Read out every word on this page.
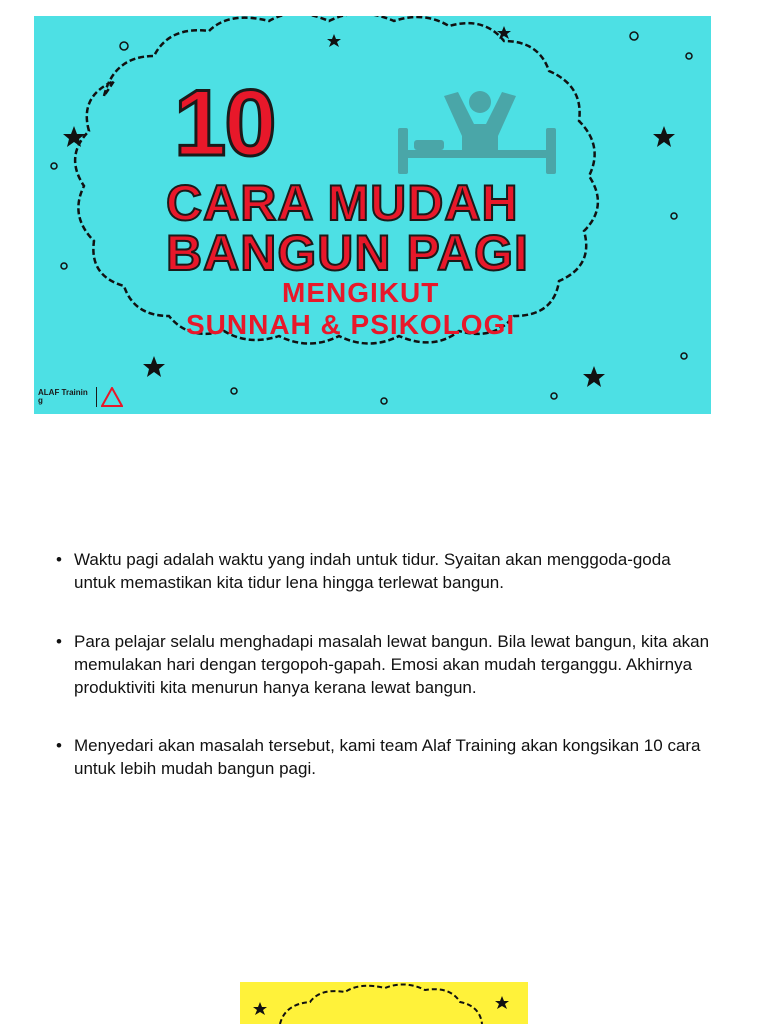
10
CARA MUDAH
BANGUN PAGI
MENGIKUT
SUNNAH & PSIKOLOGI
ALAF Training
• Waktu pagi adalah waktu yang indah untuk tidur. Syaitan akan menggoda-goda untuk memastikan kita tidur lena hingga terlewat bangun.
• Para pelajar selalu menghadapi masalah lewat bangun. Bila lewat bangun, kita akan memulakan hari dengan tergopoh-gapah. Emosi akan mudah terganggu. Akhirnya produktiviti kita menurun hanya kerana lewat bangun.
• Menyedari akan masalah tersebut, kami team Alaf Training akan kongsikan 10 cara untuk lebih mudah bangun pagi.
